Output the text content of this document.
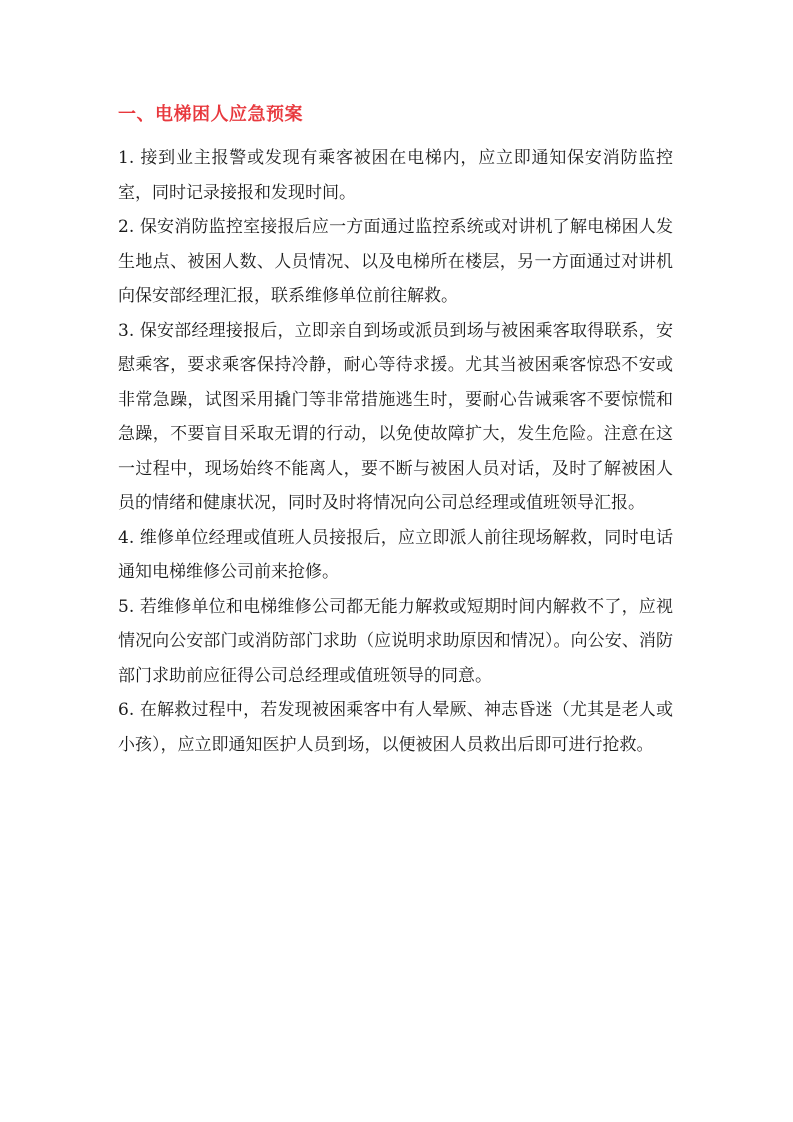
一、电梯困人应急预案

1. 接到业主报警或发现有乘客被困在电梯内，应立即通知保安消防监控室，同时记录接报和发现时间。

2. 保安消防监控室接报后应一方面通过监控系统或对讲机了解电梯困人发生地点、被困人数、人员情况、以及电梯所在楼层，另一方面通过对讲机向保安部经理汇报，联系维修单位前往解救。

3. 保安部经理接报后，立即亲自到场或派员到场与被困乘客取得联系，安慰乘客，要求乘客保持冷静，耐心等待求援。尤其当被困乘客惊恐不安或非常急躁，试图采用撬门等非常措施逃生时，要耐心告诫乘客不要惊慌和急躁，不要盲目采取无谓的行动，以免使故障扩大，发生危险。注意在这一过程中，现场始终不能离人，要不断与被困人员对话，及时了解被困人员的情绪和健康状况，同时及时将情况向公司总经理或值班领导汇报。

4. 维修单位经理或值班人员接报后，应立即派人前往现场解救，同时电话通知电梯维修公司前来抢修。

5. 若维修单位和电梯维修公司都无能力解救或短期时间内解救不了，应视情况向公安部门或消防部门求助（应说明求助原因和情况）。向公安、消防部门求助前应征得公司总经理或值班领导的同意。

6. 在解救过程中，若发现被困乘客中有人晕厥、神志昏迷（尤其是老人或小孩），应立即通知医护人员到场，以便被困人员救出后即可进行抢救。
